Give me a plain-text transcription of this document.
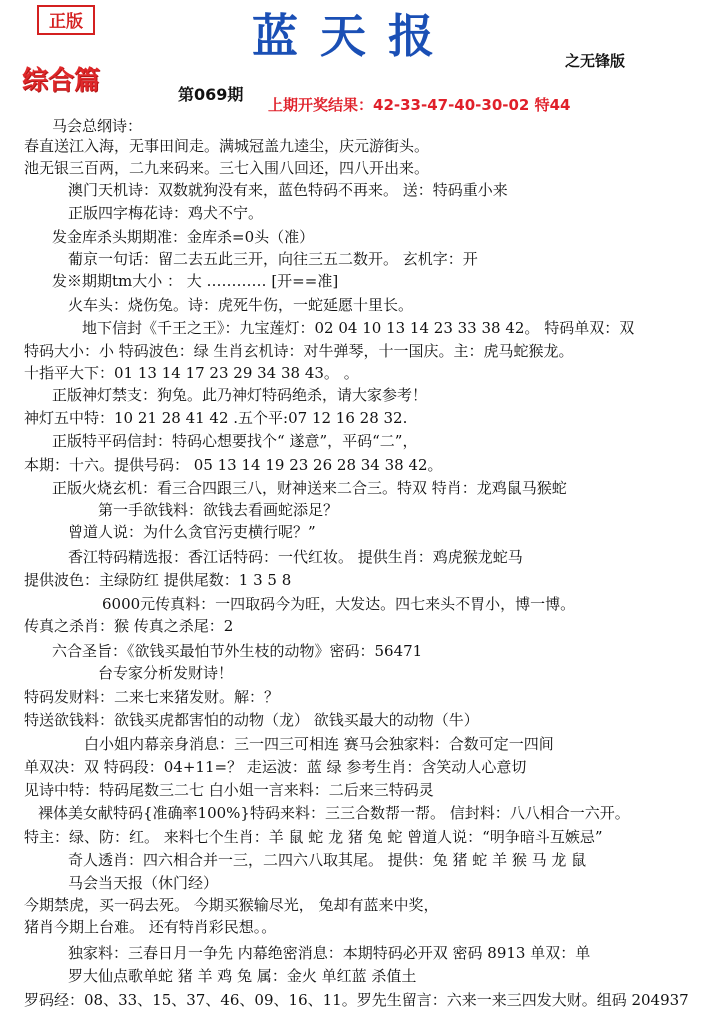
正版	蓝天报	之无锋版
综合篇	第069期
上期开奖结果：42-33-47-40-30-02 特44
马会总纲诗：
春直送江入海，无事田间走。满城冠盖九逵尘，庆元游街头。
池无银三百两，二九来码来。三七入围八回还，四八开出来。
澳门天机诗：双数就狗没有来，蓝色特码不再来。 送：特码重小来
正版四字梅花诗：鸡犬不宁。
发金库杀头期期准：金库杀=0头（准）
葡京一句话：留二去五此三开，向往三五二数开。 玄机字：开
发※期期tm大小 ： 大 ………… [开==准]
火车头：烧伤兔。诗：虎死牛伤，一蛇延愿十里长。
地下信封《千王之王》：九宝莲灯：02 04 10 13 14 23 33 38 42。 特码单双：双
特码大小：小 特码波色：绿 生肖玄机诗：对牛弹琴，十一国庆。主：虎马蛇猴龙。
十指平大下：01 13 14 17 23 29 34 38 43。 。
正版神灯禁支：狗兔。此乃神灯特码绝杀，请大家参考！
神灯五中特：10 21 28 41 42 .五个平:07 12 16 28 32.
正版特平码信封：特码心想要找个“ 遂意”，平码“二”，
本期：十六。提供号码： 05 13 14 19 23 26 28 34 38 42。
正版火烧玄机：看三合四跟三八，财神送来二合三。特双 特肖：龙鸡鼠马猴蛇
第一手欲钱料：欲钱去看画蛇添足？
曾道人说：为什么贪官污吏横行呢？”
香江特码精选报：香江话特码：一代红妆。 提供生肖：鸡虎猴龙蛇马
提供波色：主绿防红 提供尾数：1 3 5 8
6000元传真料：一四取码今为旺，大发达。四七来头不胃小，博一博。
传真之杀肖：猴 传真之杀尾：2
六合圣旨：《欲钱买最怕节外生枝的动物》密码：56471
台专家分析发财诗！
特码发财料：二来七来猪发财。解：？
特送欲钱料：欲钱买虎都害怕的动物（龙） 欲钱买最大的动物（牛）
白小姐内幕亲身消息：三一四三可相连 赛马会独家料：合数可定一四间
单双决：双 特码段：04+11=？ 走运波：蓝 绿 参考生肖：含笑动人心意切
见诗中特：特码尾数三二七 白小姐一言来料：二后来三特码灵
裸体美女献特码{准确率100%}特码来料：三三合数帮一帮。 信封料：八八相合一六开。
特主：绿、防：红。 来料七个生肖：羊 鼠 蛇 龙 猪 兔 蛇 曾道人说：“明争暗斗互嫉忌”
奇人透肖：四六相合并一三，二四六八取其尾。 提供：兔 猪 蛇 羊 猴 马 龙 鼠
马会当天报（休门经）
今期禁虎，买一码去死。 今期买猴输尽光， 兔却有蓝来中奖，
猪肖今期上台难。 还有特肖彩民想。。
独家料：三春日月一争先 内幕绝密消息：本期特码必开双 密码 8913 单双：单
罗大仙点歌单蛇 猪 羊 鸡 兔 属：金火 单红蓝 杀值土
罗码经：08、33、15、37、46、09、16、11。罗先生留言：六来一来三四发大财。组码 204937
